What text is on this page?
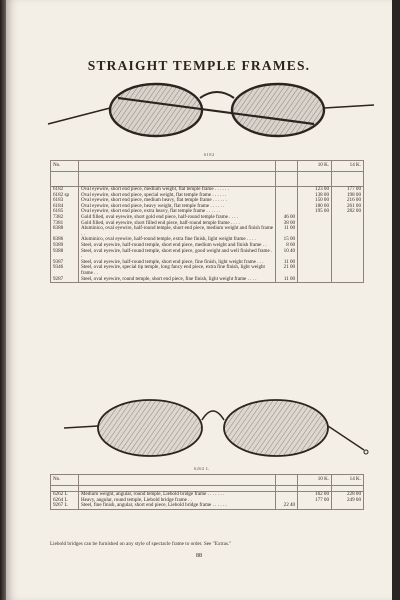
STRAIGHT TEMPLE FRAMES.
6182
No.			10 K.	14 K.

6182	Oval eyewire, short end piece, medium weight, flat temple frame . . . . . .		123 00	177 00
6182 sp	Oval eyewire, short end piece, special weight, flat temple frame . . . . . .		138 00	198 00
6183	Oval eyewire, short end piece, medium heavy, flat temple frame . . . . . .		150 00	216 00
6184	Oval eyewire, short end piece, heavy weight, flat temple frame . . . . . .		180 00	261 00
6185	Oval eyewire, short end piece, extra heavy, flat temple frame . . . . . .		195 00	282 00
7382	Gold filled, oval eyewire, short gold end piece, half-round temple frame . . . .	46 00		
7381	Gold filled, oval eyewire, short filled end piece, half-round temple frame . . . .	38 00		
8388	Aluminico, oval eyewire, half-round temple, short end piece, medium weight and finish frame . .	11 00		
8386	Aluminico, oval eyewire, half-round temple, extra fine finish, light weight frame . . . .	15 00		
9389	Steel, oval eyewire, half-round temple, short end piece, medium weight and finish frame . .	8 60		
9388	Steel, oval eyewire, half-round temple, short end piece, good weight and well finished frame . .	10 40		
9387	Steel, oval eyewire, half-round temple, short end piece, fine finish, light weight frame . . .	11 00		
9346	Steel, oval eyewire, special tip temple, long fancy end piece, extra fine finish, light weight frame . .	21 00		
9287	Steel, oval eyewire, round temple, short end piece, fine finish, light weight frame . . . .	11 00		
6262 L
No.			10 K.	14 K.

6262 L	Medium weight, angular, round temple, Liebold bridge frame . . . . . . .		162 00	228 00
6264 L	Heavy, angular, round temple, Liebold bridge frame . .		177 00	249 00
9267 L	Steel, fine finish, angular, short end piece, Liebold bridge frame . . . . . .	22 40		
Liebold bridges can be furnished on any style of spectacle frame to order. See "Extras."
88
